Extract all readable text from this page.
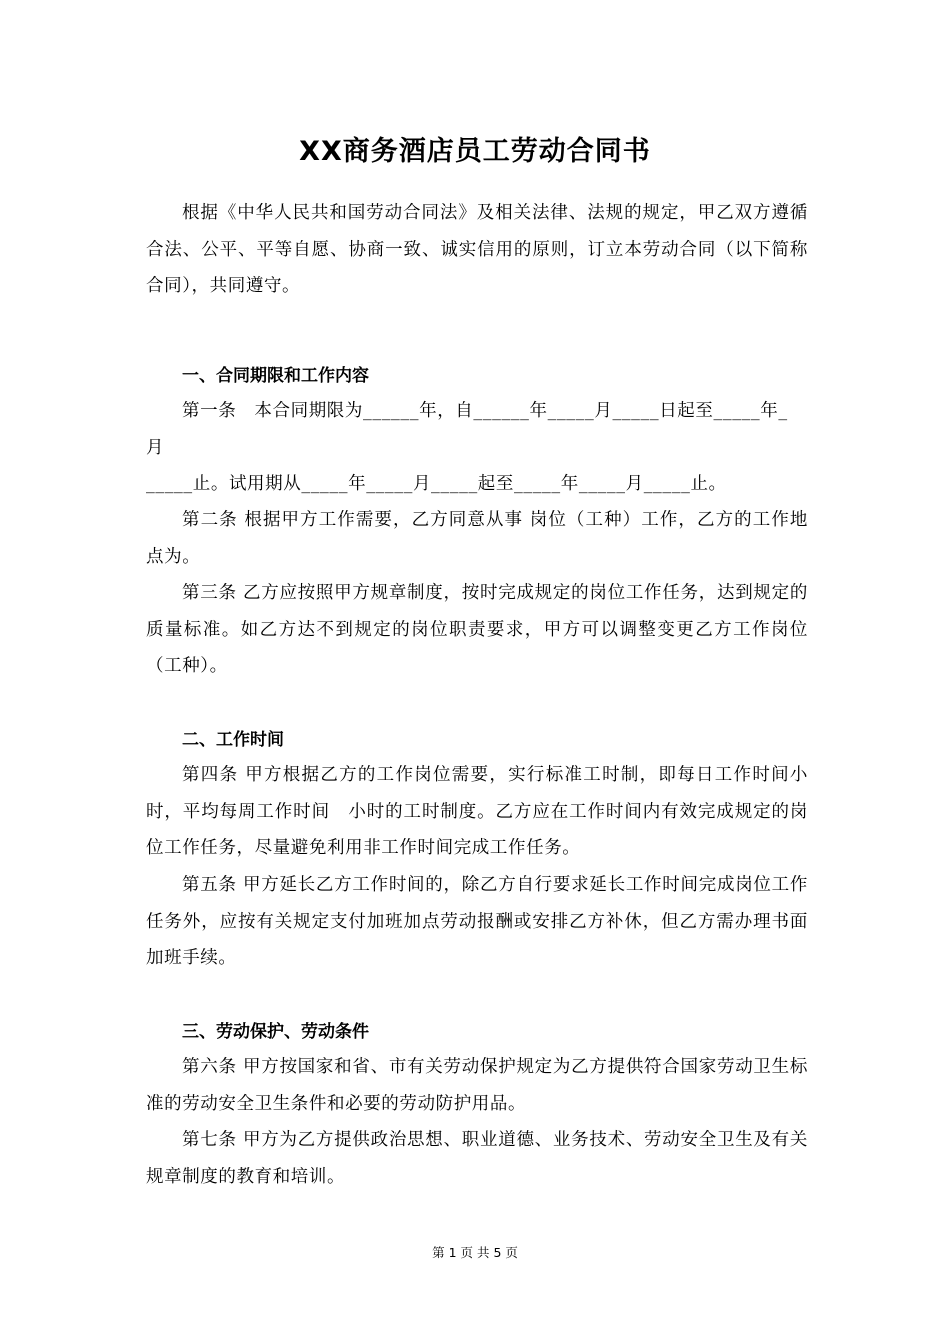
XX商务酒店员工劳动合同书

根据《中华人民共和国劳动合同法》及相关法律、法规的规定，甲乙双方遵循合法、公平、平等自愿、协商一致、诚实信用的原则，订立本劳动合同（以下简称合同），共同遵守。

一、合同期限和工作内容
第一条　本合同期限为______年，自______年_____月_____日起至_____年_
月
_____止。试用期从_____年_____月_____起至_____年_____月_____止。

第二条 根据甲方工作需要，乙方同意从事 岗位（工种）工作，乙方的工作地点为。

第三条 乙方应按照甲方规章制度，按时完成规定的岗位工作任务，达到规定的质量标准。如乙方达不到规定的岗位职责要求，甲方可以调整变更乙方工作岗位（工种）。

二、工作时间

第四条 甲方根据乙方的工作岗位需要，实行标准工时制，即每日工作时间小时，平均每周工作时间　小时的工时制度。乙方应在工作时间内有效完成规定的岗位工作任务，尽量避免利用非工作时间完成工作任务。

第五条 甲方延长乙方工作时间的，除乙方自行要求延长工作时间完成岗位工作任务外，应按有关规定支付加班加点劳动报酬或安排乙方补休，但乙方需办理书面加班手续。

三、劳动保护、劳动条件

第六条 甲方按国家和省、市有关劳动保护规定为乙方提供符合国家劳动卫生标准的劳动安全卫生条件和必要的劳动防护用品。

第七条 甲方为乙方提供政治思想、职业道德、业务技术、劳动安全卫生及有关规章制度的教育和培训。

第 1 页 共 5 页
